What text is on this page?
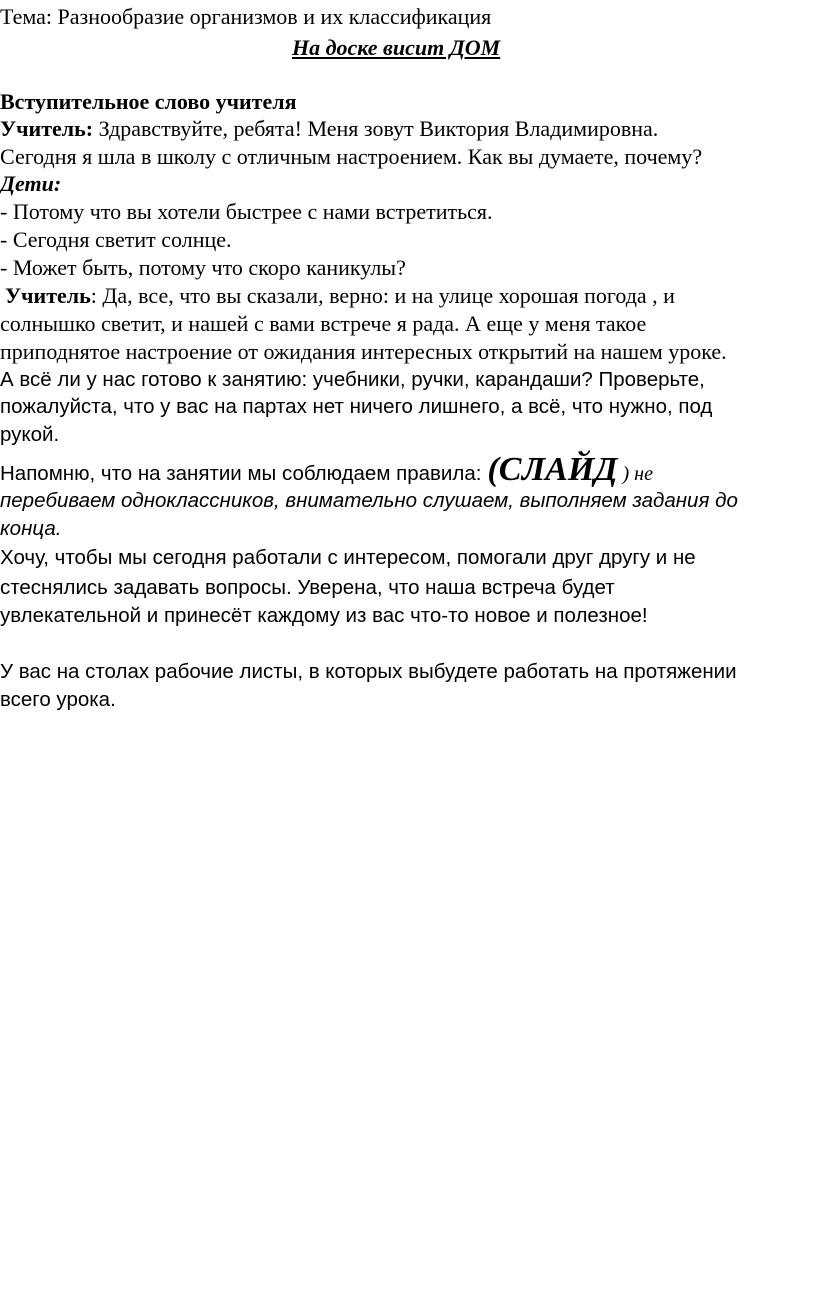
Тема: Разнообразие организмов и их классификация
На доске висит ДОМ
Вступительное слово учителя
Учитель: Здравствуйте, ребята! Меня зовут Виктория Владимировна.
Сегодня я шла в школу с отличным настроением. Как вы думаете, почему?
Дети:
- Потому что вы хотели быстрее с нами встретиться.
- Сегодня светит солнце.
- Может быть, потому что скоро каникулы?
Учитель: Да, все, что вы сказали, верно: и на улице хорошая погода , и
солнышко светит, и нашей с вами встрече я рада. А еще у меня такое
приподнятое настроение от ожидания интересных открытий на нашем уроке.
А всё ли у нас готово к занятию: учебники, ручки, карандаши? Проверьте,
пожалуйста, что у вас на партах нет ничего лишнего, а всё, что нужно, под
рукой.
Напомню, что на занятии мы соблюдаем правила:(СЛАЙД ) не
перебиваем одноклассников, внимательно слушаем, выполняем задания до
конца.
Хочу, чтобы мы сегодня работали с интересом, помогали друг другу и не
стеснялись задавать вопросы. Уверена, что наша встреча будет
увлекательной и принесёт каждому из вас что-то новое и полезное!
У вас на столах рабочие листы, в которых выбудете работать на протяжении
всего урока.
